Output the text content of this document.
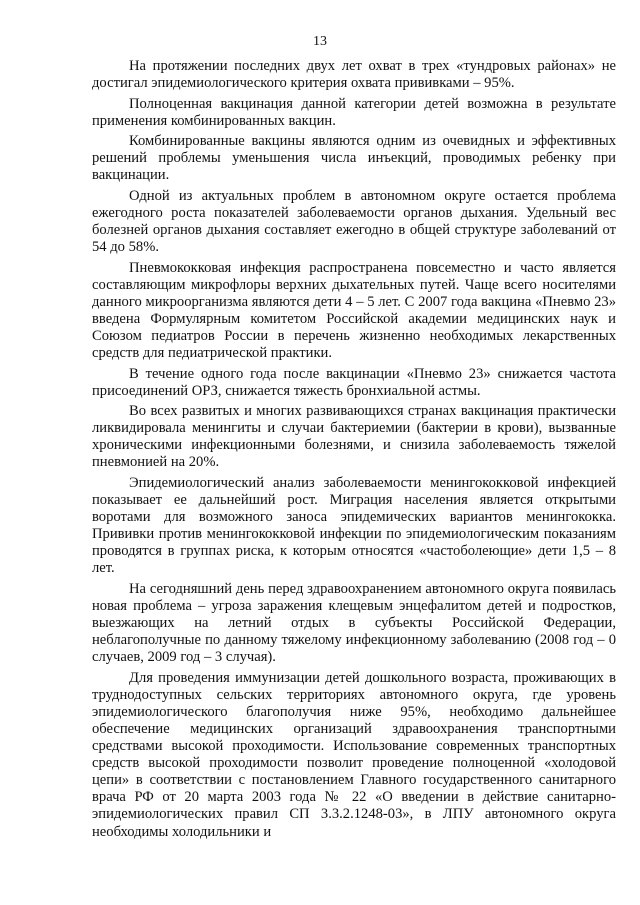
13

На протяжении последних двух лет охват в трех «тундровых районах» не достигал эпидемиологического критерия охвата прививками – 95%.

Полноценная вакцинация данной категории детей возможна в результате применения комбинированных вакцин.

Комбинированные вакцины являются одним из очевидных и эффективных решений проблемы уменьшения числа инъекций, проводимых ребенку при вакцинации.

Одной из актуальных проблем в автономном округе остается проблема ежегодного роста показателей заболеваемости органов дыхания. Удельный вес болезней органов дыхания составляет ежегодно в общей структуре заболеваний от 54 до 58%.

Пневмококковая инфекция распространена повсеместно и часто является составляющим микрофлоры верхних дыхательных путей. Чаще всего носителями данного микроорганизма являются дети 4 – 5 лет. С 2007 года вакцина «Пневмо 23» введена Формулярным комитетом Российской академии медицинских наук и Союзом педиатров России в перечень жизненно необходимых лекарственных средств для педиатрической практики.

В течение одного года после вакцинации «Пневмо 23» снижается частота присоединений ОРЗ, снижается тяжесть бронхиальной астмы.

Во всех развитых и многих развивающихся странах вакцинация практически ликвидировала менингиты и случаи бактериемии (бактерии в крови), вызванные хроническими инфекционными болезнями, и снизила заболеваемость тяжелой пневмонией на 20%.

Эпидемиологический анализ заболеваемости менингококковой инфекцией показывает ее дальнейший рост. Миграция населения является открытыми воротами для возможного заноса эпидемических вариантов менингококка. Прививки против менингококковой инфекции по эпидемиологическим показаниям проводятся в группах риска, к которым относятся «частоболеющие» дети 1,5 – 8 лет.

На сегодняшний день перед здравоохранением автономного округа появилась новая проблема – угроза заражения клещевым энцефалитом детей и подростков, выезжающих на летний отдых в субъекты Российской Федерации, неблагополучные по данному тяжелому инфекционному заболеванию (2008 год – 0 случаев, 2009 год – 3 случая).

Для проведения иммунизации детей дошкольного возраста, проживающих в труднодоступных сельских территориях автономного округа, где уровень эпидемиологического благополучия ниже 95%, необходимо дальнейшее обеспечение медицинских организаций здравоохранения транспортными средствами высокой проходимости. Использование современных транспортных средств высокой проходимости позволит проведение полноценной «холодовой цепи» в соответствии с постановлением Главного государственного санитарного врача РФ от 20 марта 2003 года № 22 «О введении в действие санитарно-эпидемиологических правил СП 3.3.2.1248-03», в ЛПУ автономного округа необходимы холодильники и
